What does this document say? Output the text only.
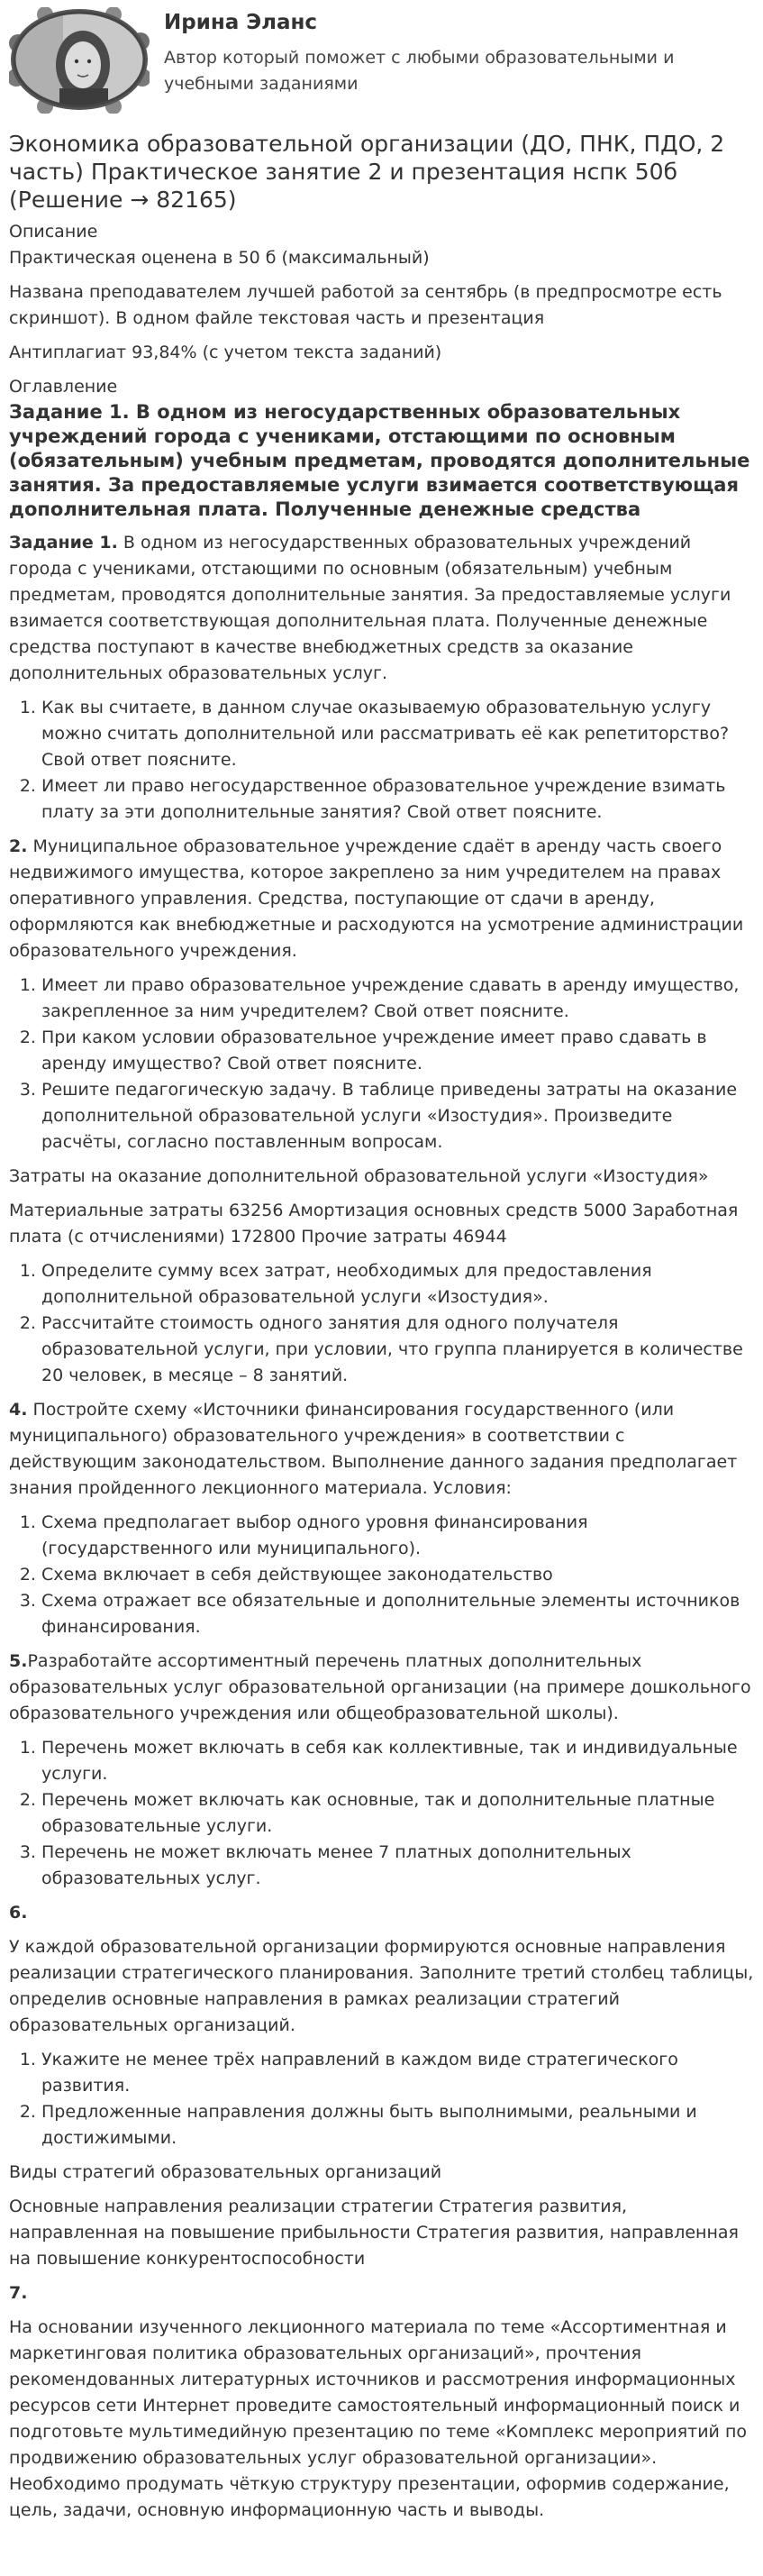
Ирина Эланс
Автор который поможет с любыми образовательными и учебными заданиями
Экономика образовательной организации (ДО, ПНК, ПДО, 2 часть) Практическое занятие 2 и презентация нспк 50б (Решение → 82165)
Описание

Практическая оценена в 50 б (максимальный)

Названа преподавателем лучшей работой за сентябрь (в предпросмотре есть скриншот). В одном файле текстовая часть и презентация

Антиплагиат 93,84% (с учетом текста заданий)

Оглавление
Задание 1. В одном из негосударственных образовательных учреждений города с учениками, отстающими по основным (обязательным) учебным предметам, проводятся дополнительные занятия. За предоставляемые услуги взимается соответствующая дополнительная плата. Полученные денежные средства

Задание 1. В одном из негосударственных образовательных учреждений города с учениками, отстающими по основным (обязательным) учебным предметам, проводятся дополнительные занятия. За предоставляемые услуги взимается соответствующая дополнительная плата. Полученные денежные средства поступают в качестве внебюджетных средств за оказание дополнительных образовательных услуг.

1. Как вы считаете, в данном случае оказываемую образовательную услугу можно считать дополнительной или рассматривать её как репетиторство? Свой ответ поясните.
2. Имеет ли право негосударственное образовательное учреждение взимать плату за эти дополнительные занятия? Свой ответ поясните.

2. Муниципальное образовательное учреждение сдаёт в аренду часть своего недвижимого имущества, которое закреплено за ним учредителем на правах оперативного управления. Средства, поступающие от сдачи в аренду, оформляются как внебюджетные и расходуются на усмотрение администрации образовательного учреждения.

1. Имеет ли право образовательное учреждение сдавать в аренду имущество, закрепленное за ним учредителем? Свой ответ поясните.
2. При каком условии образовательное учреждение имеет право сдавать в аренду имущество? Свой ответ поясните.
3. Решите педагогическую задачу. В таблице приведены затраты на оказание дополнительной образовательной услуги «Изостудия». Произведите расчёты, согласно поставленным вопросам.

Затраты на оказание дополнительной образовательной услуги «Изостудия»

Материальные затраты 63256 Амортизация основных средств 5000 Заработная плата (с отчислениями) 172800 Прочие затраты 46944

1. Определите сумму всех затрат, необходимых для предоставления дополнительной образовательной услуги «Изостудия».
2. Рассчитайте стоимость одного занятия для одного получателя образовательной услуги, при условии, что группа планируется в количестве 20 человек, в месяце – 8 занятий.

4. Постройте схему «Источники финансирования государственного (или муниципального) образовательного учреждения» в соответствии с действующим законодательством. Выполнение данного задания предполагает знания пройденного лекционного материала. Условия:

1. Схема предполагает выбор одного уровня финансирования (государственного или муниципального).
2. Схема включает в себя действующее законодательство
3. Схема отражает все обязательные и дополнительные элементы источников финансирования.

5.Разработайте ассортиментный перечень платных дополнительных образовательных услуг образовательной организации (на примере дошкольного образовательного учреждения или общеобразовательной школы).

1. Перечень может включать в себя как коллективные, так и индивидуальные услуги.
2. Перечень может включать как основные, так и дополнительные платные образовательные услуги.
3. Перечень не может включать менее 7 платных дополнительных образовательных услуг.

6.

У каждой образовательной организации формируются основные направления реализации стратегического планирования. Заполните третий столбец таблицы, определив основные направления в рамках реализации стратегий образовательных организаций.

1. Укажите не менее трёх направлений в каждом виде стратегического развития.
2. Предложенные направления должны быть выполнимыми, реальными и достижимыми.

Виды стратегий образовательных организаций

Основные направления реализации стратегии Стратегия развития, направленная на повышение прибыльности Стратегия развития, направленная на повышение конкурентоспособности

7.

На основании изученного лекционного материала по теме «Ассортиментная и маркетинговая политика образовательных организаций», прочтения рекомендованных литературных источников и рассмотрения информационных ресурсов сети Интернет проведите самостоятельный информационный поиск и подготовьте мультимедийную презентацию по теме «Комплекс мероприятий по продвижению образовательных услуг образовательной организации». Необходимо продумать чёткую структуру презентации, оформив содержание, цель, задачи, основную информационную часть и выводы.
